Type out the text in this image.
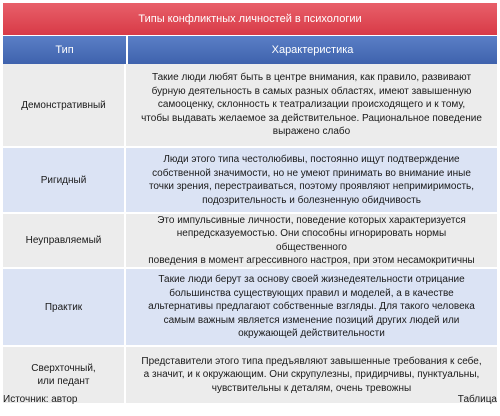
Типы конфликтных личностей в психологии
Тип	Характеристика
Демонстративный
Такие люди любят быть в центре внимания, как правило, развивают
бурную деятельность в самых разных областях, имеют завышенную
самооценку, склонность к театрализации происходящего и к тому,
чтобы выдавать желаемое за действительное. Рациональное поведение
выражено слабо
Ригидный
Люди этого типа честолюбивы, постоянно ищут подтверждение
собственной значимости, но не умеют принимать во внимание иные
точки зрения, перестраиваться, поэтому проявляют непримиримость,
подозрительность и болезненную обидчивость
Неуправляемый
Это импульсивные личности, поведение которых характеризуется
непредсказуемостью. Они способны игнорировать нормы общественного
поведения в момент агрессивного настроя, при этом несамокритичны
Практик
Такие люди берут за основу своей жизнедеятельности отрицание
большинства существующих правил и моделей, а в качестве
альтернативы предлагают собственные взгляды. Для такого человека
самым важным является изменение позиций других людей или
окружающей действительности
Сверхточный,
или педант
Представители этого типа предъявляют завышенные требования к себе,
а значит, и к окружающим. Они скрупулезны, придирчивы, пунктуальны,
чувствительны к деталям, очень тревожны
Источник: автор	Таблица
